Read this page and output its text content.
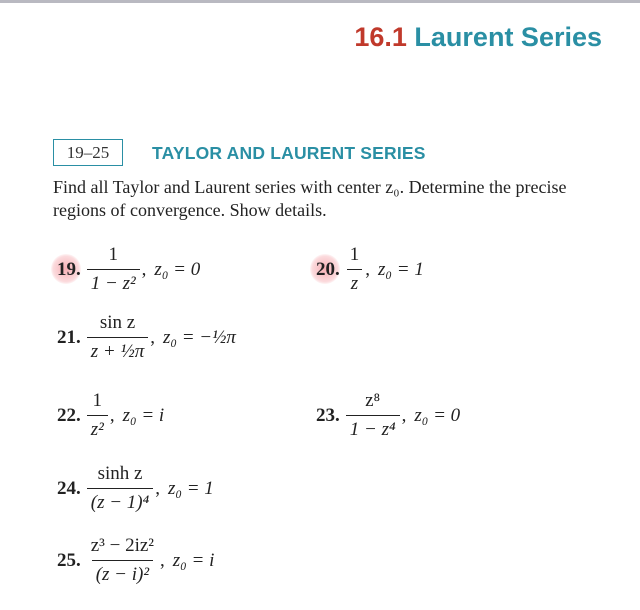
16.1 Laurent Series
19–25	TAYLOR AND LAURENT SERIES
Find all Taylor and Laurent series with center z₀. Determine the precise regions of convergence. Show details.
19. $\frac{1}{\text{1 − z²}}$ , z₀ = 0	20. $\frac{1}{z}$ , z₀ = 1
21. $\frac{\text{sin z}}{\text{z + ½π}}$ , z₀ = −½π
22. $\frac{1}{\text{z²}}$ , z₀ = i	23. $\frac{\text{z⁸}}{\text{1 − z⁴}}$ , z₀ = 0
24. $\frac{\text{sinh z}}{\text{(z − 1)⁴}}$ , z₀ = 1
25. $\frac{\text{z³ − 2iz²}}{\text{(z − i)²}}$ , z₀ = i
